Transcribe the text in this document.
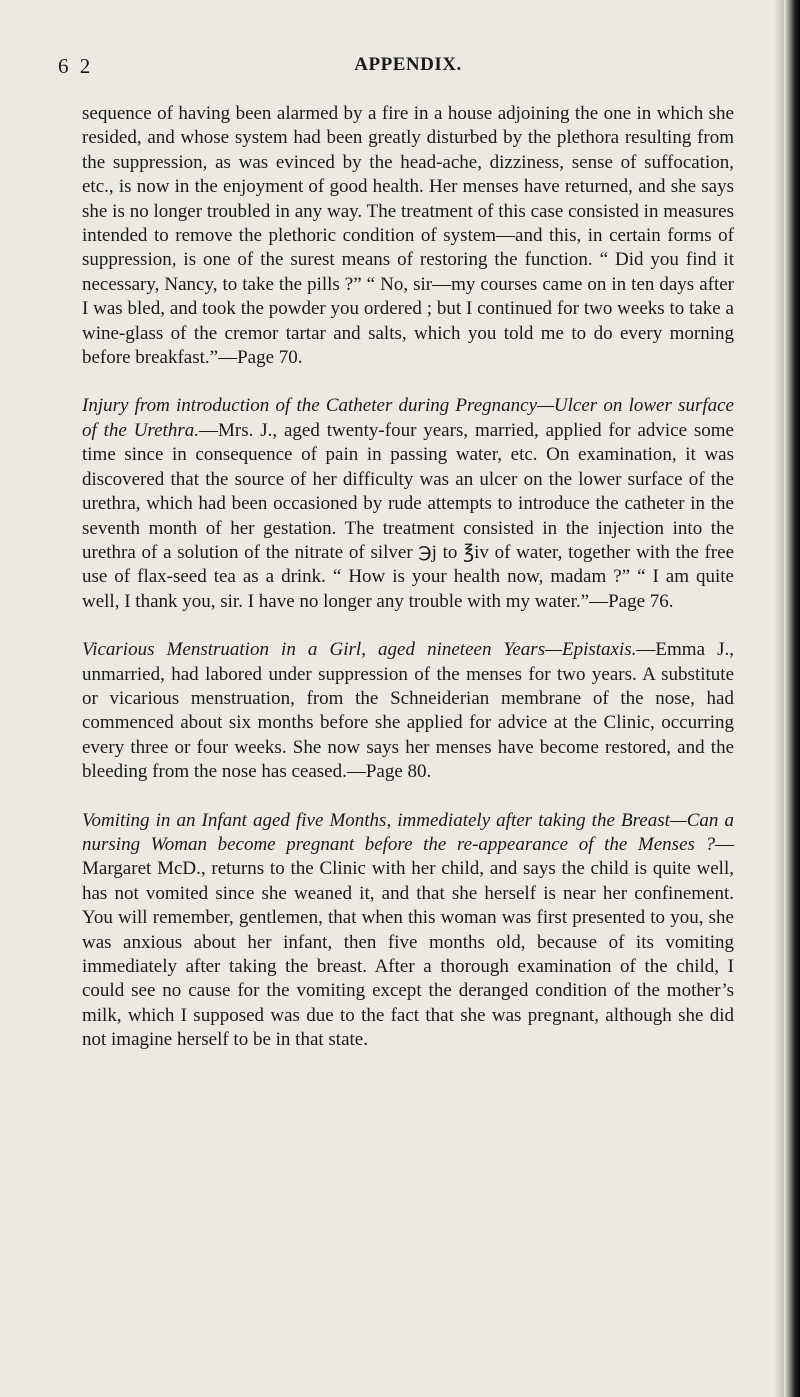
6 2	APPENDIX.

sequence of having been alarmed by a fire in a house adjoining the one in which she resided, and whose system had been greatly disturbed by the plethora resulting from the suppression, as was evinced by the head-ache, dizziness, sense of suffocation, etc., is now in the enjoyment of good health. Her menses have returned, and she says she is no longer troubled in any way. The treatment of this case consisted in measures intended to remove the plethoric condition of system—and this, in certain forms of suppression, is one of the surest means of restoring the function. “ Did you find it necessary, Nancy, to take the pills ?” “ No, sir—my courses came on in ten days after I was bled, and took the powder you ordered ; but I continued for two weeks to take a wine-glass of the cremor tartar and salts, which you told me to do every morning before breakfast.”—Page 70.

Injury from introduction of the Catheter during Pregnancy—Ulcer on lower surface of the Urethra.—Mrs. J., aged twenty-four years, married, applied for advice some time since in consequence of pain in passing water, etc. On examination, it was discovered that the source of her difficulty was an ulcer on the lower surface of the urethra, which had been occasioned by rude attempts to introduce the catheter in the seventh month of her gestation. The treatment consisted in the injection into the urethra of a solution of the nitrate of silver ℈j to ℥iv of water, together with the free use of flax-seed tea as a drink. “ How is your health now, madam ?” “ I am quite well, I thank you, sir. I have no longer any trouble with my water.”—Page 76.

Vicarious Menstruation in a Girl, aged nineteen Years—Epistaxis.—Emma J., unmarried, had labored under suppression of the menses for two years. A substitute or vicarious menstruation, from the Schneiderian membrane of the nose, had commenced about six months before she applied for advice at the Clinic, occurring every three or four weeks. She now says her menses have become restored, and the bleeding from the nose has ceased.—Page 80.

Vomiting in an Infant aged five Months, immediately after taking the Breast—Can a nursing Woman become pregnant before the re-appearance of the Menses ?—Margaret McD., returns to the Clinic with her child, and says the child is quite well, has not vomited since she weaned it, and that she herself is near her confinement. You will remember, gentlemen, that when this woman was first presented to you, she was anxious about her infant, then five months old, because of its vomiting immediately after taking the breast. After a thorough examination of the child, I could see no cause for the vomiting except the deranged condition of the mother’s milk, which I supposed was due to the fact that she was pregnant, although she did not imagine herself to be in that state.
